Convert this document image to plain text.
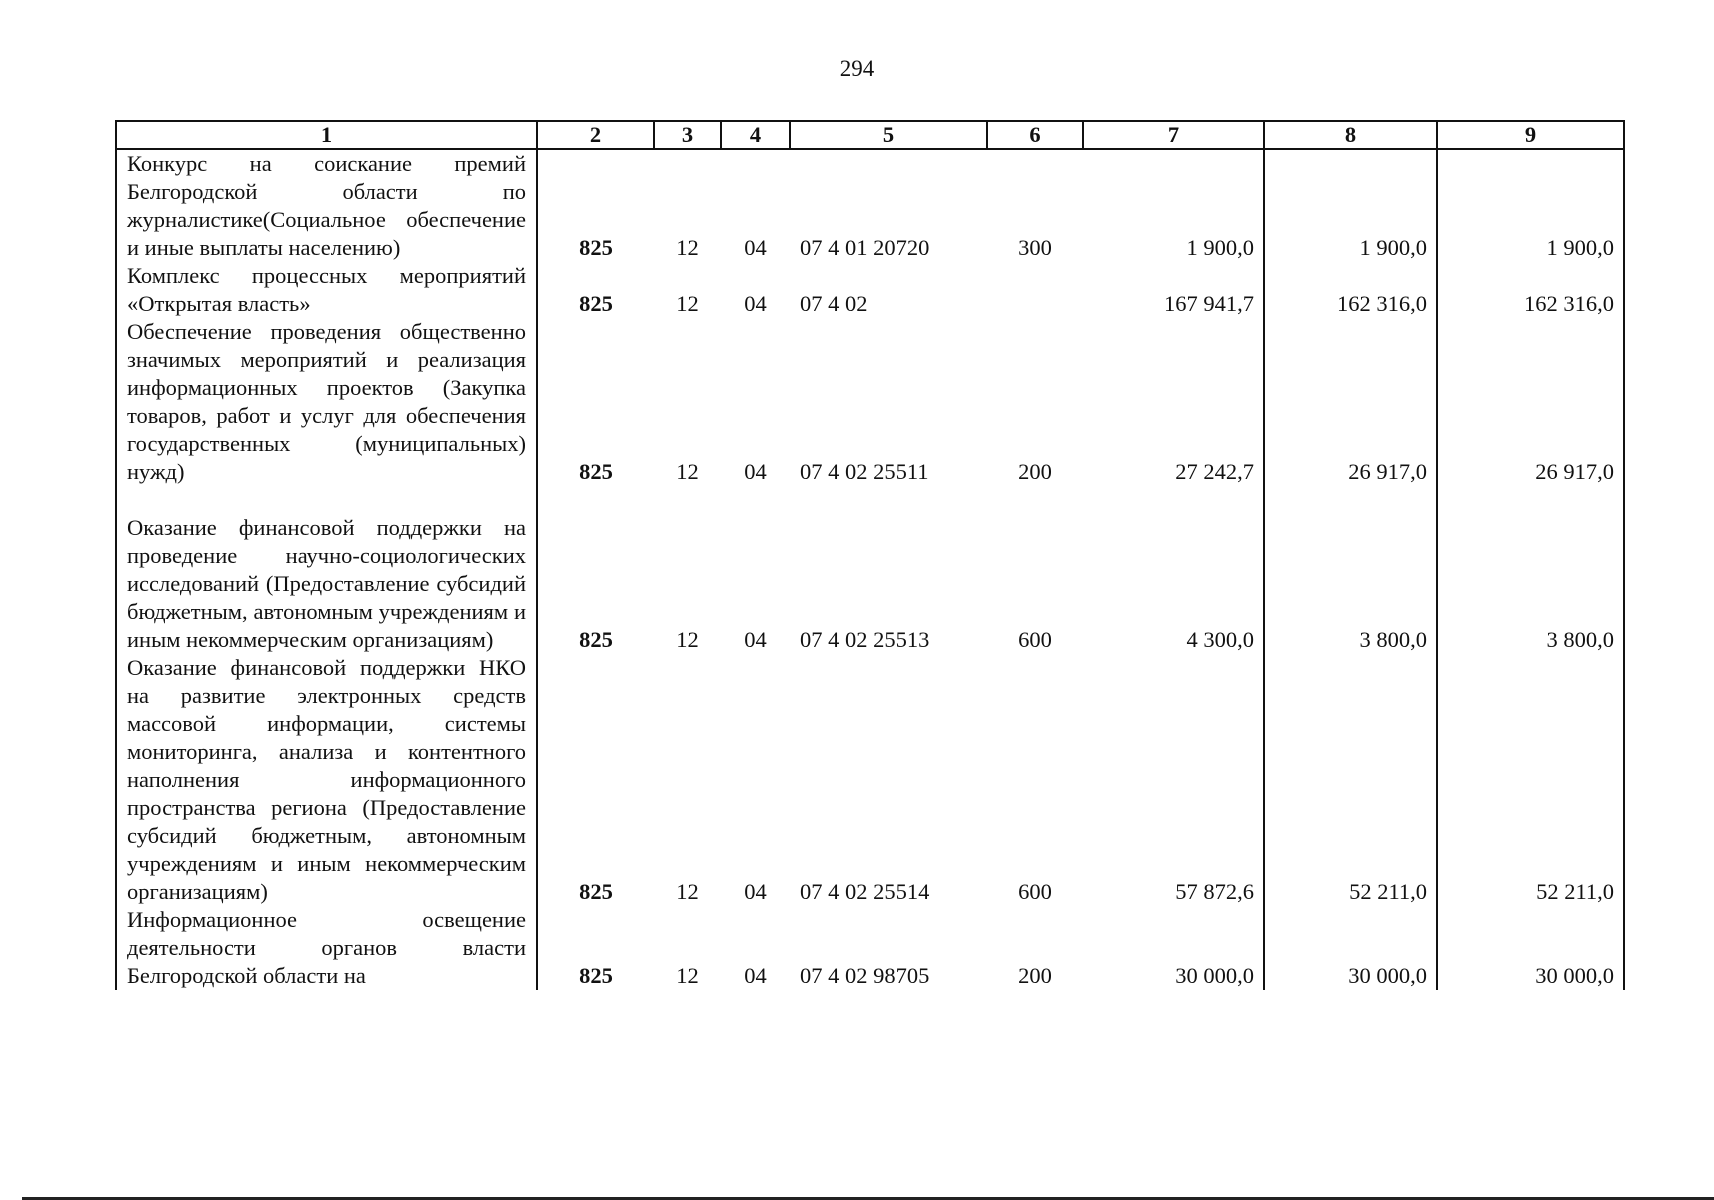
294
1	2	3	4	5	6	7	8	9
Конкурс на соискание премий Белгородской области по журналистике(Социальное обеспечение и иные выплаты населению)	825	12	04	07 4 01 20720	300	1 900,0	1 900,0	1 900,0
Комплекс процессных мероприятий «Открытая власть»	825	12	04	07 4 02		167 941,7	162 316,0	162 316,0
Обеспечение проведения общественно значимых мероприятий и реализация информационных проектов (Закупка товаров, работ и услуг для обеспечения государственных (муниципальных) нужд)	825	12	04	07 4 02 25511	200	27 242,7	26 917,0	26 917,0

Оказание финансовой поддержки на проведение научно-социологических исследований (Предоставление субсидий бюджетным, автономным учреждениям и иным некоммерческим организациям)	825	12	04	07 4 02 25513	600	4 300,0	3 800,0	3 800,0
Оказание финансовой поддержки НКО на развитие электронных средств массовой информации, системы мониторинга, анализа и контентного наполнения информационного пространства региона (Предоставление субсидий бюджетным, автономным учреждениям и иным некоммерческим организациям)	825	12	04	07 4 02 25514	600	57 872,6	52 211,0	52 211,0
Информационное освещение деятельности органов власти Белгородской области на	825	12	04	07 4 02 98705	200	30 000,0	30 000,0	30 000,0
